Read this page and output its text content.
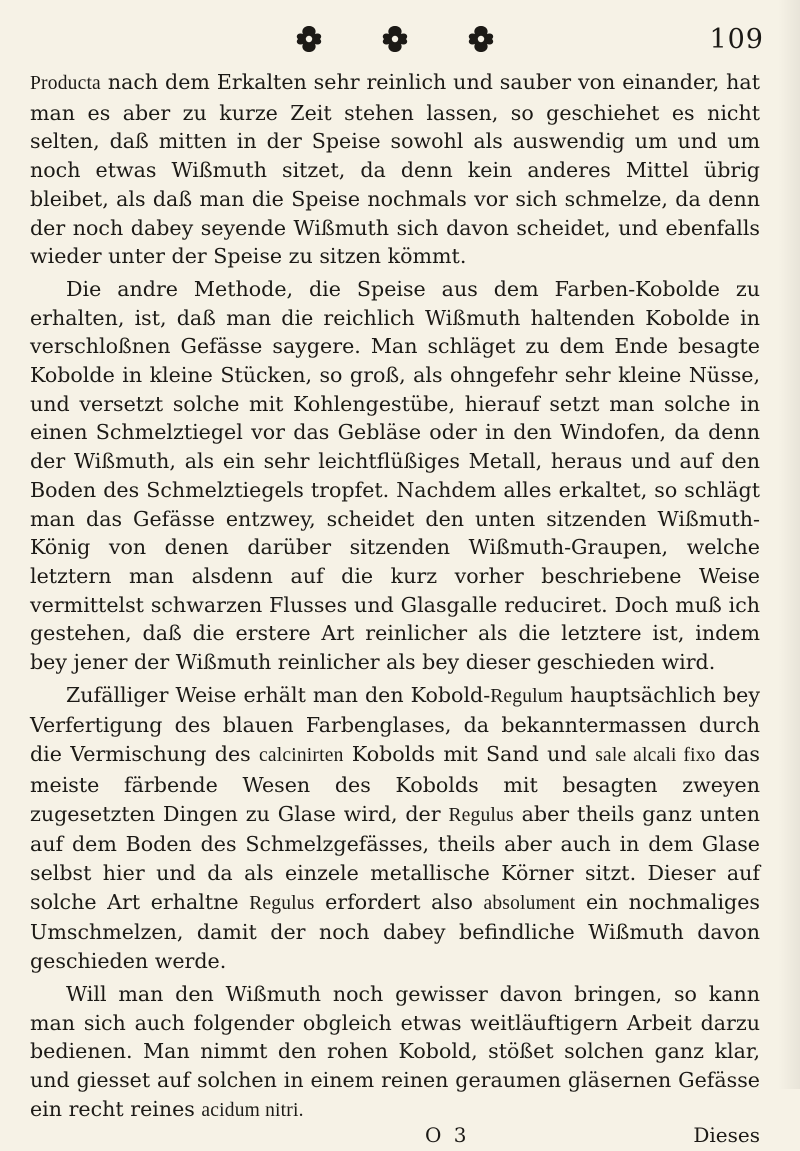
109

Producta nach dem Erkalten sehr reinlich und sauber von einander, hat man es aber zu kurze Zeit stehen lassen, so geschiehet es nicht selten, daß mitten in der Speise sowohl als auswendig um und um noch etwas Wißmuth sitzet, da denn kein anderes Mittel übrig bleibet, als daß man die Speise nochmals vor sich schmelze, da denn der noch dabey seyende Wißmuth sich davon scheidet, und ebenfalls wieder unter der Speise zu sitzen kömmt.

Die andre Methode, die Speise aus dem Farben-Kobolde zu erhalten, ist, daß man die reichlich Wißmuth haltenden Kobolde in verschloßnen Gefässe saygere. Man schläget zu dem Ende besagte Kobolde in kleine Stücken, so groß, als ohngefehr sehr kleine Nüsse, und versetzt solche mit Kohlengestübe, hierauf setzt man solche in einen Schmelztiegel vor das Gebläse oder in den Windofen, da denn der Wißmuth, als ein sehr leichtflüßiges Metall, heraus und auf den Boden des Schmelztiegels tropfet. Nachdem alles erkaltet, so schlägt man das Gefässe entzwey, scheidet den unten sitzenden Wißmuth-König von denen darüber sitzenden Wißmuth-Graupen, welche letztern man alsdenn auf die kurz vorher beschriebene Weise vermittelst schwarzen Flusses und Glasgalle reduciret. Doch muß ich gestehen, daß die erstere Art reinlicher als die letztere ist, indem bey jener der Wißmuth reinlicher als bey dieser geschieden wird.

Zufälliger Weise erhält man den Kobold-Regulum hauptsächlich bey Verfertigung des blauen Farbenglases, da bekanntermassen durch die Vermischung des calcinirten Kobolds mit Sand und sale alcali fixo das meiste färbende Wesen des Kobolds mit besagten zweyen zugesetzten Dingen zu Glase wird, der Regulus aber theils ganz unten auf dem Boden des Schmelzgefässes, theils aber auch in dem Glase selbst hier und da als einzele metallische Körner sitzt. Dieser auf solche Art erhaltne Regulus erfordert also absolument ein nochmaliges Umschmelzen, damit der noch dabey befindliche Wißmuth davon geschieden werde.

Will man den Wißmuth noch gewisser davon bringen, so kann man sich auch folgender obgleich etwas weitläuftigern Arbeit darzu bedienen. Man nimmt den rohen Kobold, stößet solchen ganz klar, und giesset auf solchen in einem reinen geraumen gläsernen Gefässe ein recht reines acidum nitri.

O 3	Dieses
